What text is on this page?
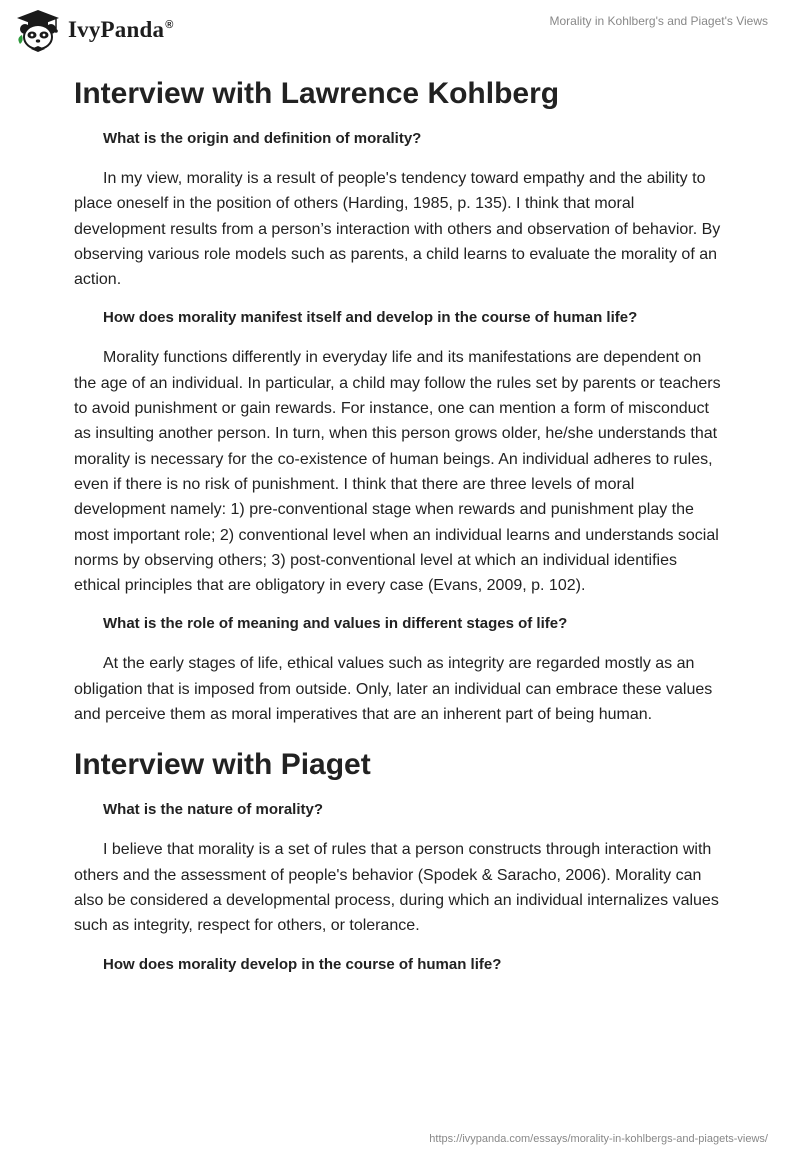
IvyPanda®	Morality in Kohlberg's and Piaget's Views
Interview with Lawrence Kohlberg
What is the origin and definition of morality?

In my view, morality is a result of people's tendency toward empathy and the ability to place oneself in the position of others (Harding, 1985, p. 135). I think that moral development results from a person’s interaction with others and observation of behavior. By observing various role models such as parents, a child learns to evaluate the morality of an action.

How does morality manifest itself and develop in the course of human life?

Morality functions differently in everyday life and its manifestations are dependent on the age of an individual. In particular, a child may follow the rules set by parents or teachers to avoid punishment or gain rewards. For instance, one can mention a form of misconduct as insulting another person. In turn, when this person grows older, he/she understands that morality is necessary for the co-existence of human beings. An individual adheres to rules, even if there is no risk of punishment. I think that there are three levels of moral development namely: 1) pre-conventional stage when rewards and punishment play the most important role; 2) conventional level when an individual learns and understands social norms by observing others; 3) post-conventional level at which an individual identifies ethical principles that are obligatory in every case (Evans, 2009, p. 102).

What is the role of meaning and values in different stages of life?

At the early stages of life, ethical values such as integrity are regarded mostly as an obligation that is imposed from outside. Only, later an individual can embrace these values and perceive them as moral imperatives that are an inherent part of being human.

Interview with Piaget
What is the nature of morality?

I believe that morality is a set of rules that a person constructs through interaction with others and the assessment of people's behavior (Spodek & Saracho, 2006). Morality can also be considered a developmental process, during which an individual internalizes values such as integrity, respect for others, or tolerance.

How does morality develop in the course of human life?
https://ivypanda.com/essays/morality-in-kohlbergs-and-piagets-views/
